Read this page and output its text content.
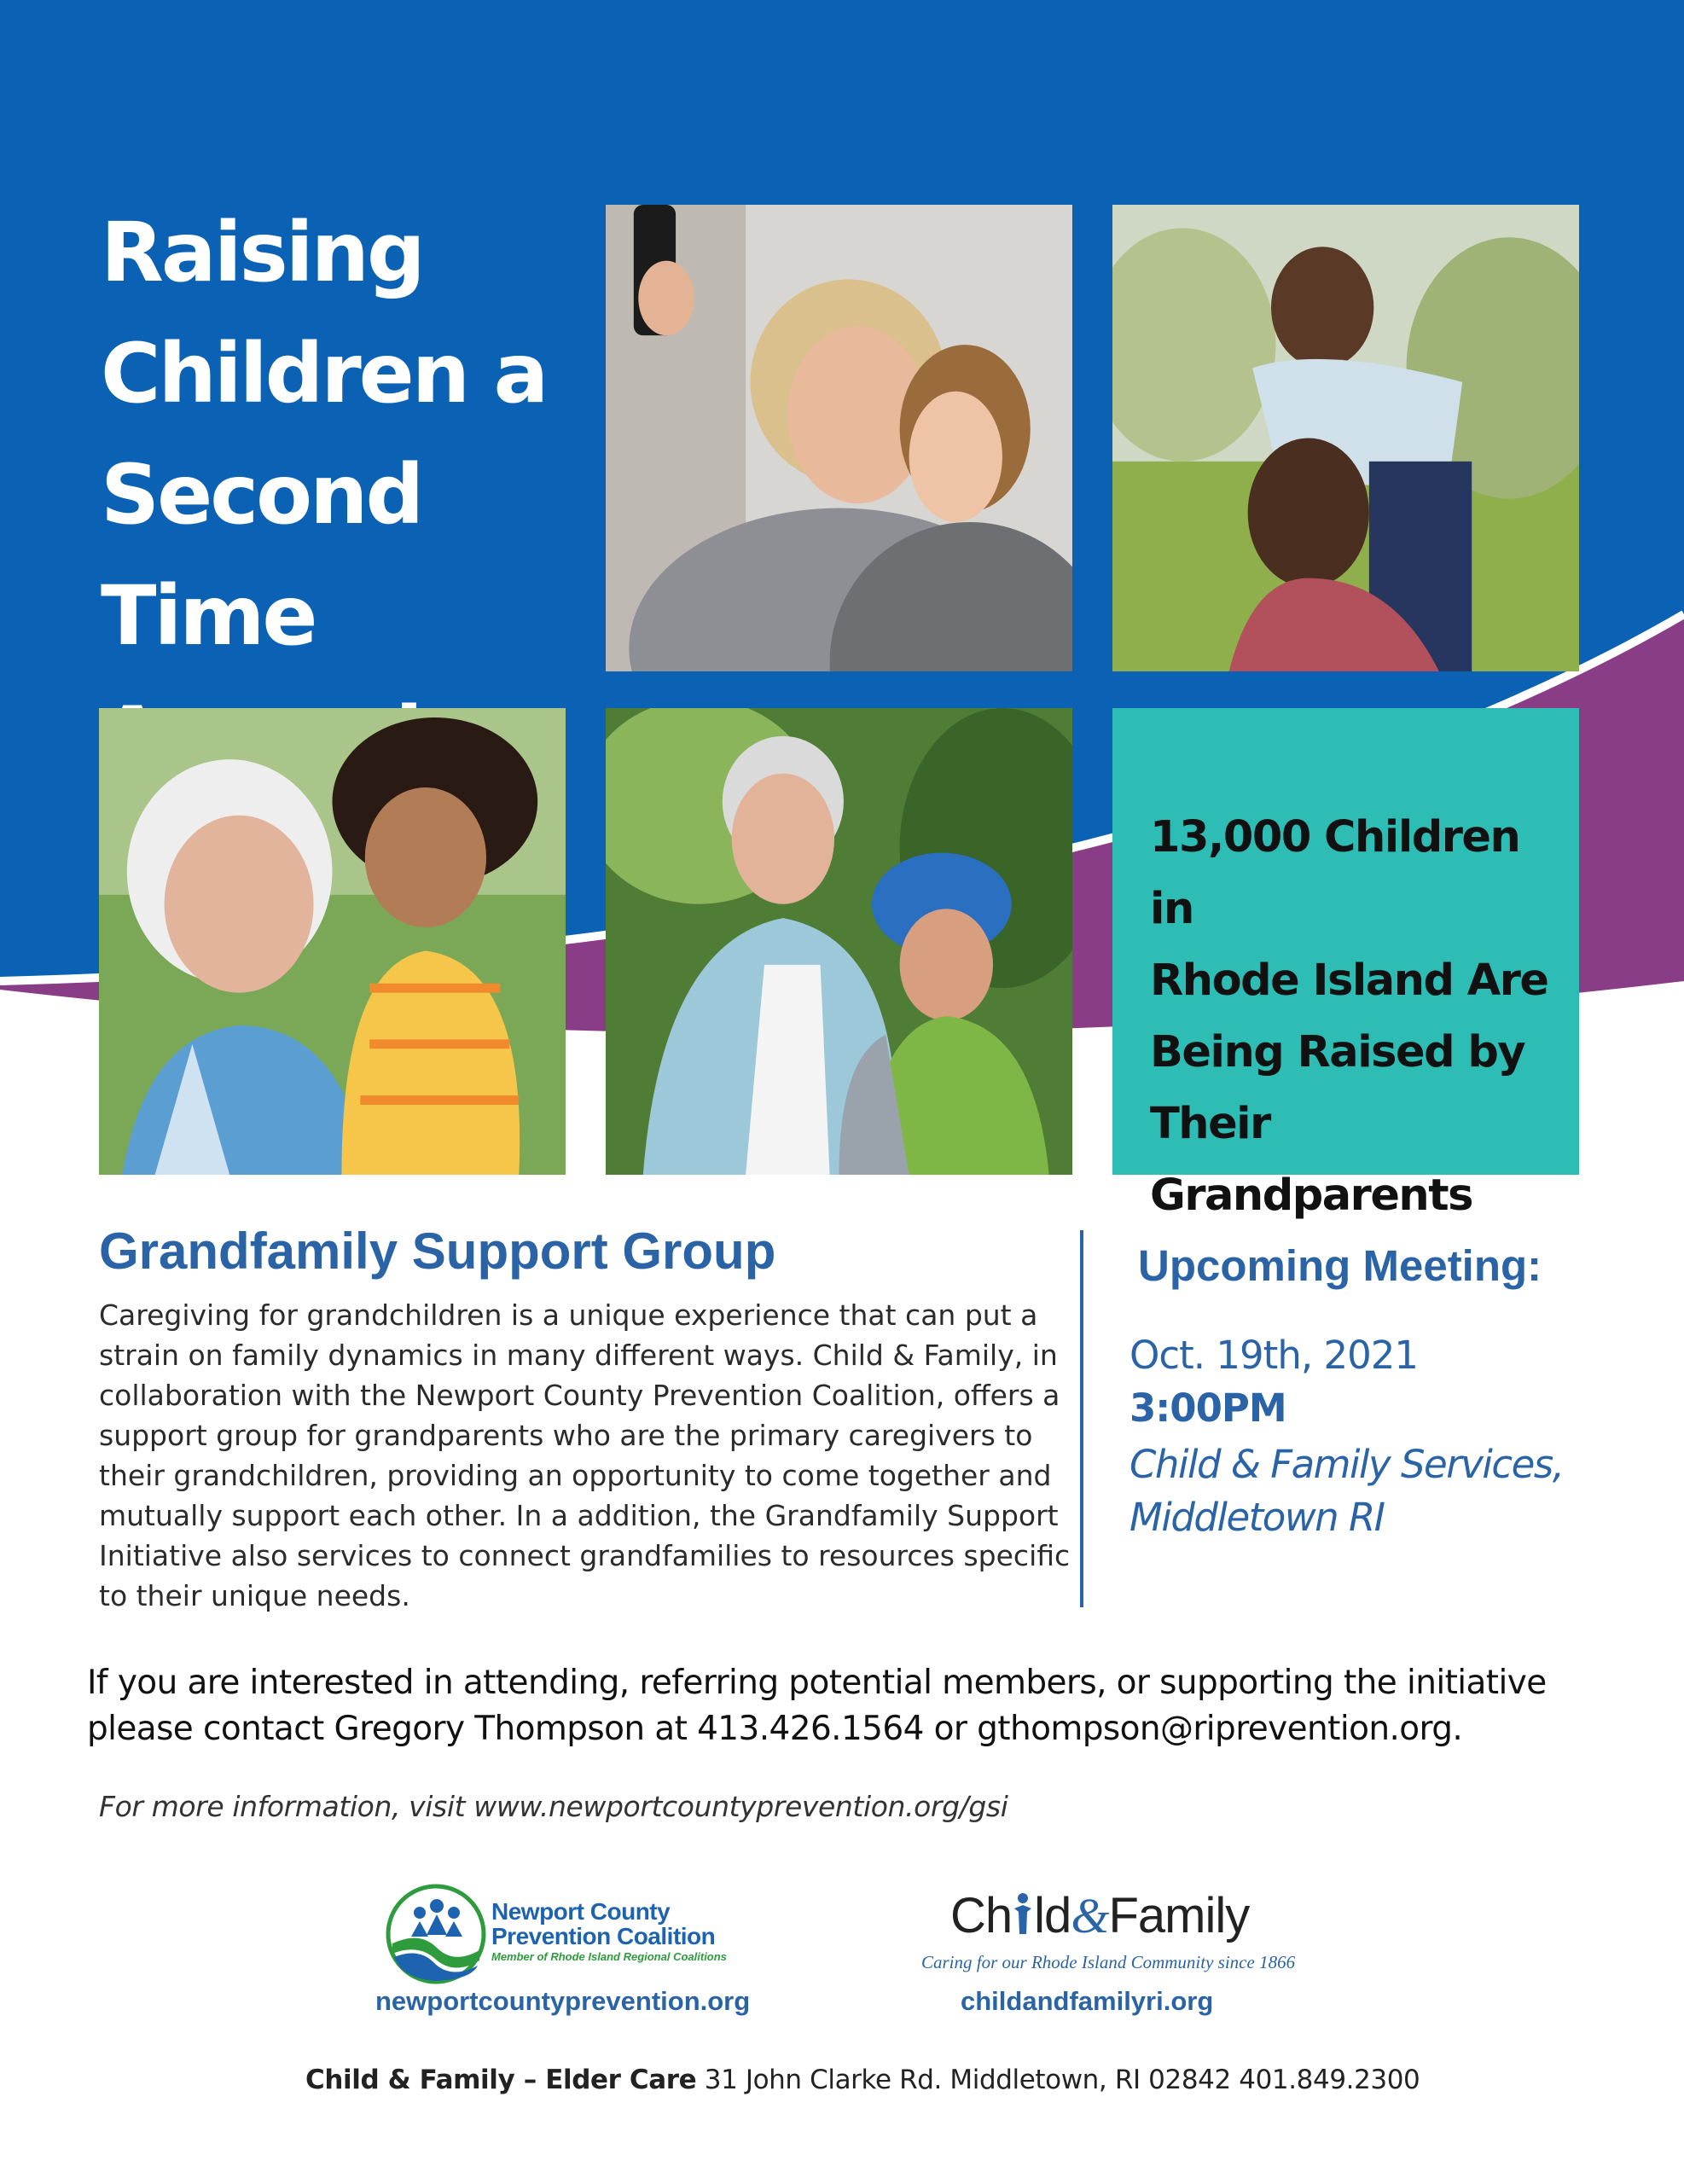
Raising
Children a
Second Time
13,000 Children in
Rhode Island Are
Being Raised by
Their Grandparents
Grandfamily Support Group
Caregiving for grandchildren is a unique experience that can put a strain on family dynamics in many different ways. Child & Family, in collaboration with the Newport County Prevention Coalition, offers a support group for grandparents who are the primary caregivers to their grandchildren, providing an opportunity to come together and mutually support each other. In a addition, the Grandfamily Support Initiative also services to connect grandfamilies to resources specific to their unique needs.
Upcoming Meeting:
Oct. 19th, 2021
3:00PM
Child & Family Services,
Middletown RI
If you are interested in attending, referring potential members, or supporting the initiative please contact Gregory Thompson at 413.426.1564 or gthompson@riprevention.org.
For more information, visit www.newportcountyprevention.org/gsi
Newport County
Prevention Coalition
Member of Rhode Island Regional Coalitions
Ch ld&Family
Caring for our Rhode Island Community since 1866
newportcountyprevention.org	childandfamilyri.org
Child & Family – Elder Care 31 John Clarke Rd. Middletown, RI 02842 401.849.2300
